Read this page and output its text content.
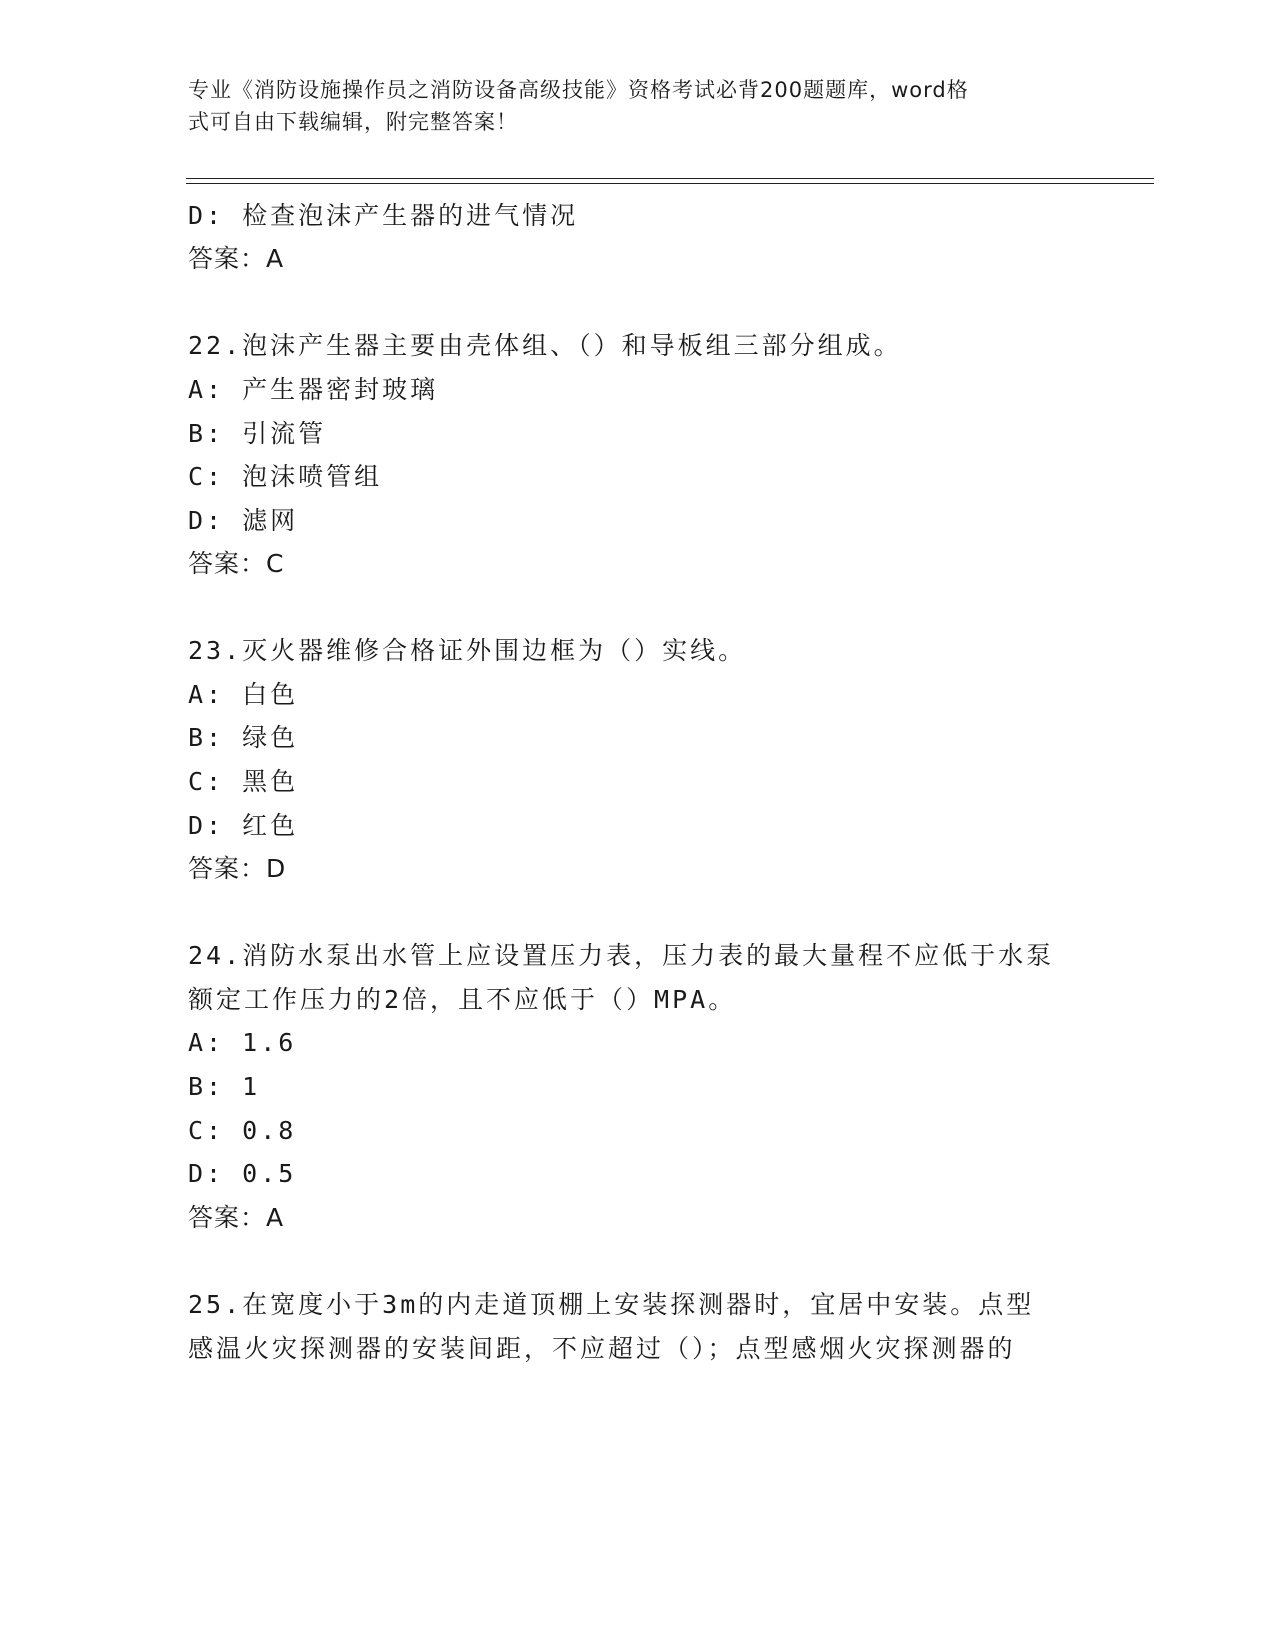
专业《消防设施操作员之消防设备高级技能》资格考试必背200题题库，word格
式可自由下载编辑，附完整答案！
D: 检查泡沫产生器的进气情况
答案：A
22.泡沫产生器主要由壳体组、（）和导板组三部分组成。
A: 产生器密封玻璃
B: 引流管
C: 泡沫喷管组
D: 滤网
答案：C
23.灭火器维修合格证外围边框为（）实线。
A: 白色
B: 绿色
C: 黑色
D: 红色
答案：D
24.消防水泵出水管上应设置压力表，压力表的最大量程不应低于水泵
额定工作压力的2倍，且不应低于（）MPA。
A: 1.6
B: 1
C: 0.8
D: 0.5
答案：A
25.在宽度小于3m的内走道顶棚上安装探测器时，宜居中安装。点型
感温火灾探测器的安装间距，不应超过（）；点型感烟火灾探测器的
